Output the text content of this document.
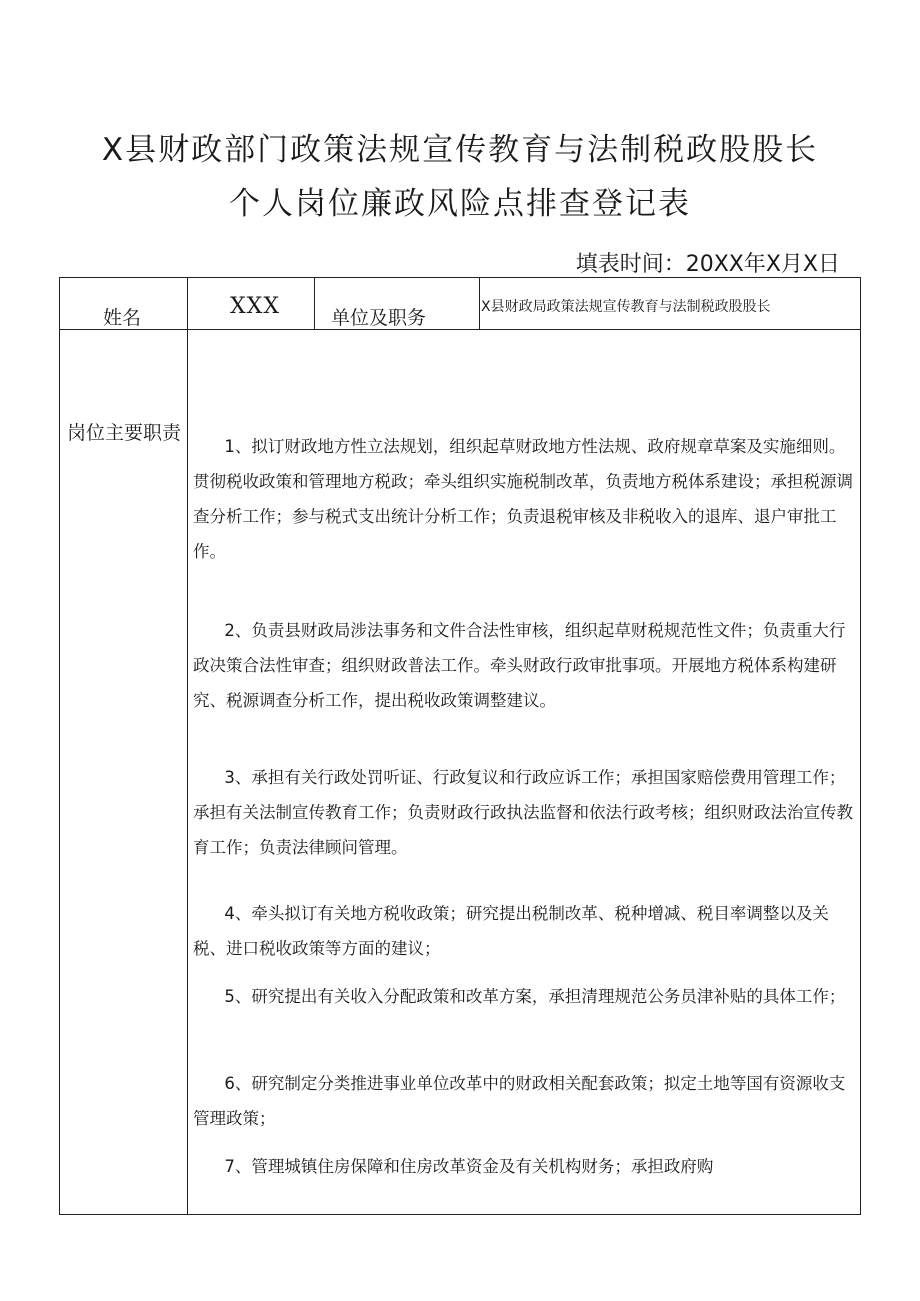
X县财政部门政策法规宣传教育与法制税政股股长
个人岗位廉政风险点排查登记表
填表时间：20XX年X月X日
姓名	XXX	单位及职务	X县财政局政策法规宣传教育与法制税政股股长
岗位主要职责
1、拟订财政地方性立法规划，组织起草财政地方性法规、政府规章草案及实施细则。贯彻税收政策和管理地方税政；牵头组织实施税制改革，负责地方税体系建设；承担税源调查分析工作；参与税式支出统计分析工作；负责退税审核及非税收入的退库、退户审批工作。
2、负责县财政局涉法事务和文件合法性审核，组织起草财税规范性文件；负责重大行政决策合法性审查；组织财政普法工作。牵头财政行政审批事项。开展地方税体系构建研究、税源调查分析工作，提出税收政策调整建议。
3、承担有关行政处罚听证、行政复议和行政应诉工作；承担国家赔偿费用管理工作；承担有关法制宣传教育工作；负责财政行政执法监督和依法行政考核；组织财政法治宣传教育工作；负责法律顾问管理。
4、牵头拟订有关地方税收政策；研究提出税制改革、税种增减、税目率调整以及关税、进口税收政策等方面的建议；
5、研究提出有关收入分配政策和改革方案，承担清理规范公务员津补贴的具体工作；
6、研究制定分类推进事业单位改革中的财政相关配套政策；拟定土地等国有资源收支管理政策；
7、管理城镇住房保障和住房改革资金及有关机构财务；承担政府购
